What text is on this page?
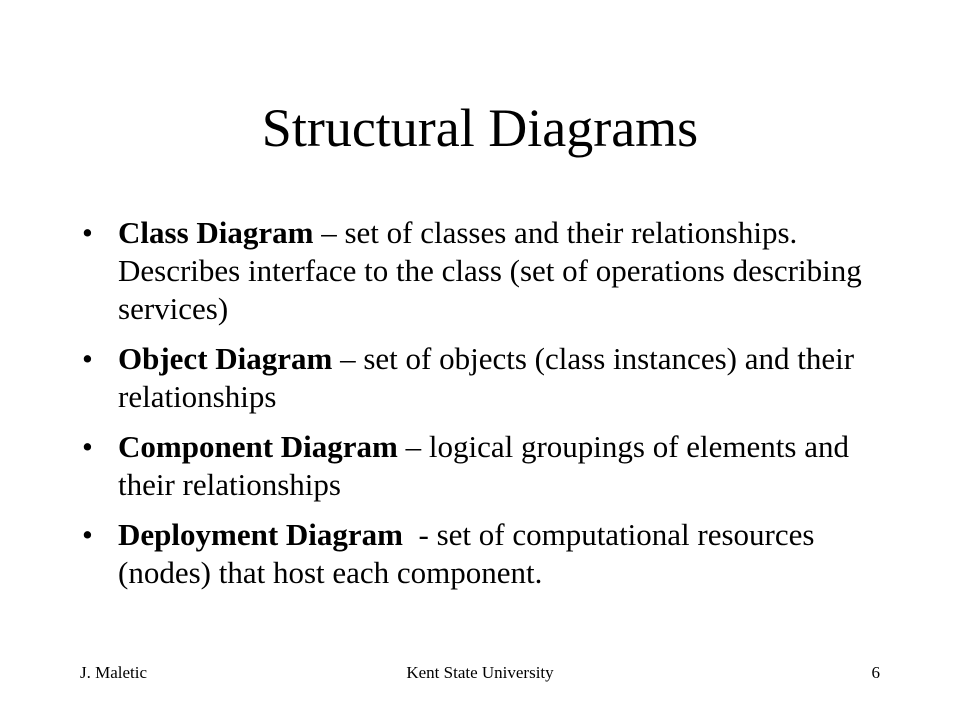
Structural Diagrams
• Class Diagram – set of classes and their relationships. Describes interface to the class (set of operations describing services)
• Object Diagram – set of objects (class instances) and their relationships
• Component Diagram – logical groupings of elements and their relationships
• Deployment Diagram  - set of computational resources (nodes) that host each component.
Kent State University
J. Maletic	6
